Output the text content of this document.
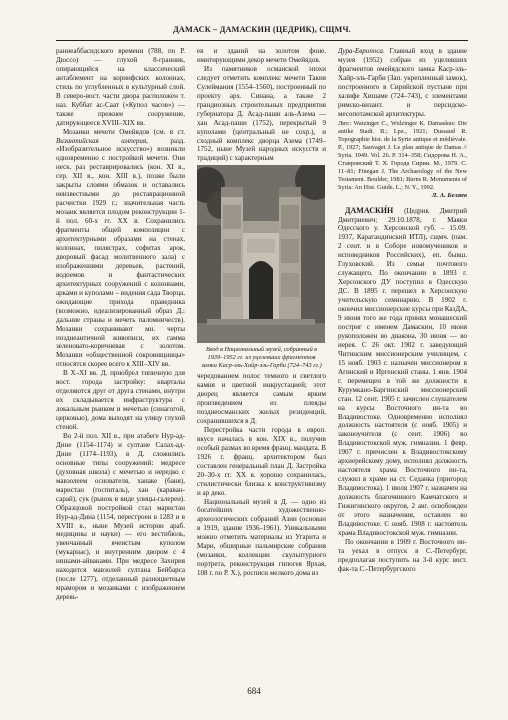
ДАМАСК – ДАМАСКИН (ЦЕДРИК), СЩМЧ.

раннеаббасидского времени (788, по Р. Дюссо) — глухой 8-гранник, опирающийся на классический антаблемент на коринфских колоннах, стиль по углубленных в культурный слой. В северо-вост. части двора расположен т. наз. Куббат ас-Саат («Купол часов») — также прежнее сооружение, датирующееся XVIII–XIX вв.

Мозаики мечети Омейядов (см. в ст. Византийская империя, разд. «Изобразительное искусство») возникли одновременно с постройкой мечети. Они неск. раз реставрировались (кон. XI в., сер. XII в., кон. XIII в.), позже были закрыты слоями обмазок и оставались неизвестными до реставрационной расчистки 1929 г.; значительная часть мозаик является плодом реконструкции 1-й пол. 60-х гг. XX в. Сохранились фрагменты общей композиции с архитектурными образами на стенах, колоннах, пилястрах, софитах арок, дворовый фасад молитвенного зала) с изображениями деревьев, растений, водоемов и фантастических архитектурных сооружений с колоннами, арками и куполами – видения сада Творца, ожидающие прихода праведника (возможно, идеализированный образ Д.: дальние страны и мечеть паломничеств). Мозаики сохранивают мн. черты позднеантичной живописи, их гамма зеленовато-коричневая с золотом. Мозаики «общественной сокровищницы» относятся скорее всего к XIII–XIV вв.

В X–XI вв. Д. приобрел типичную для вост. города застройку: кварталы отделяются друг от друга стенами, внутри их складывается инфраструктура с локальным рынком и мечетью (синагогой, церковью), дома выходят на улицу глухой стеной.

Во 2-й пол. XII в., при атабеге Нур-ад-Дине (1154–1174) и султане Салах-ад-Дине (1174–1193), в Д. сложились основные типы сооружений: медресе (духовная школа) с мечетью и нередко с мавзолеем основателя, ханаке (баня), маристан (госпиталь), хан (караван-сарай), сук (рынок в виде улицы-галереи). Образцовой постройкой стал маристан Нур-ад-Дина (1154, перестроен в 1283 и в XVIII в., ныне Музей истории араб. медицины и науки) — его вестибюль, увенчанный ячеистым куполом (мукарнас), и внутренним двором с 4 нишами-айванами. При медресе Захирия находится мавзолей султана Бейбарса (после 1277), отделанный разноцветным мрамором и мозаиками с изображением деревь-

ев и зданий на золотом фоне, имитирующими декор мечети Омейядов.

Из памятников османской эпохи следует отметить комплекс мечети Такия Сулеймания (1554–1560), построенный по проекту арх. Синана, а также 2 грандиозных строительных предприятия губернатора Д. Асад-паши аль-Азема — хан Асад-паши (1752), перекрытый 9 куполами (центральный не сохр.), и сходный комплекс дворца Азема (1749–1752, ныне Музей народных искусств и традиций) с характерным

Вход в Национальный музей, собранный в 1939–1952 гг. из уцелевших фрагментов замка Каср-эль-Хайр-эль-Гарби (724–743 гг.)

чередованием полос темного и светлого камня и цветной инкрустацией; этот дворец является самым ярким произведением из плеяды позднеосманских жилых резиденций, сохранившихся в Д.

Перестройка части города в европ. вкусе началась в кон. XIX в., получив особый размах во время франц. мандата. В 1926 г. франц. архитектором был составлен генеральный план Д. Застройка 20–30-х гг. XX в. хорошо сохранилась, стилистически близка к конструктивизму и ар деко.

Национальный музей в Д. — одно из богатейших художественно-археологических собраний Азии (основан в 1919, здание 1936–1961). Уникальными можно отметить материалы из Угарита и Мари, обширные пальмирские собрания (мозаики, коллекции скульптурного портрета, реконструкция гипогея Ярхая, 108 г. по Р. Х.), росписи мелкого дома из

Дура-Европоса. Главный вход в здание музея (1952) собран из уцелевших фрагментов омейядского замка Каср-эль-Хайр-эль-Гарби (Зап. укрепленный замок), построенного в Сирийской пустыне при халифе Хишаме (724–743), с элементами римско-визант. и персидско-месопотамской архитектуры.

Лит.: Watzinger C., Wulzinger K. Damaskus: Die antike Stadt. B.; Lpz., 1921; Dussaud R. Topographie hist. de la Syrie antique et médiévale. P., 1927; Sauvaget J. Le plan antique de Damas // Syria. 1949. Vol. 26. P. 314–358; Сидорова Н. А., Ставровский Т. Х. Города Сирии. М., 1979. С. 11–81; Finegan J. The Archaeology of the New Testament. Boulder, 1981; Burns R. Monuments of Syria: An Hist. Guide. L.; N. Y., 1992.

Л. А. Беляев

ДАМАСКИ́Н (Цедрик Дмитрий Дмитриевич; 29.10.1878, г. Маяки Одесского у. Херсонской губ. – 15.09. 1937, Карагандинский ИТЛ), сщмч. (пам. 2 сент. и в Соборе новомучеников и исповедников Российских), еп. бывш. Глуховский. Из семьи почтового служащего. По окончании в 1893 г. Херсонского ДУ поступил в Одесскую ДС. В 1895 г. перешел в Херсонскую учительскую семинарию. В 1902 г. окончил миссионерские курсы при КазДА, 9 июня того же года принял монашеский постриг с именем Дамаскин, 10 июня рукоположен во диакона, 30 июня — во иерея. С 26 окт. 1902 г. заведующий Читинским миссионерским училищем, с 15 нояб. 1903 г. назначен миссионером в Агинский и Иргенский станы. 1 янв. 1904 г. перемещен в той же должности в Курумкано-Баргинский миссионерский стан. 12 сент. 1905 г. зачислен слушателем на курсы Восточного ин-та во Владивостоке. Одновременно исполнял должность настоятеля (с нояб. 1905) и законоучителя (с сент. 1906) во Владивостокской муж. гимназии. 1 февр. 1907 г. причислен к Владивостокскому архиерейскому дому, исполнял должность настоятеля храма Восточного ин-та, служил в храме на ст. Седанка (пригород Владивостока). 1 июля 1907 г. назначен на должность благочинного Камчатского и Гижигинского округов, 2 авг. освобожден от этого назначения, оставлен во Владивостоке. С нояб. 1908 г. настоятель храма Владивостокской муж. гимназии.

По окончании в 1909 г. Восточного ин-та уехал в отпуск в С.-Петербург, предполагая поступить на 3-й курс вост. фак-та С.-Петербургского

684
